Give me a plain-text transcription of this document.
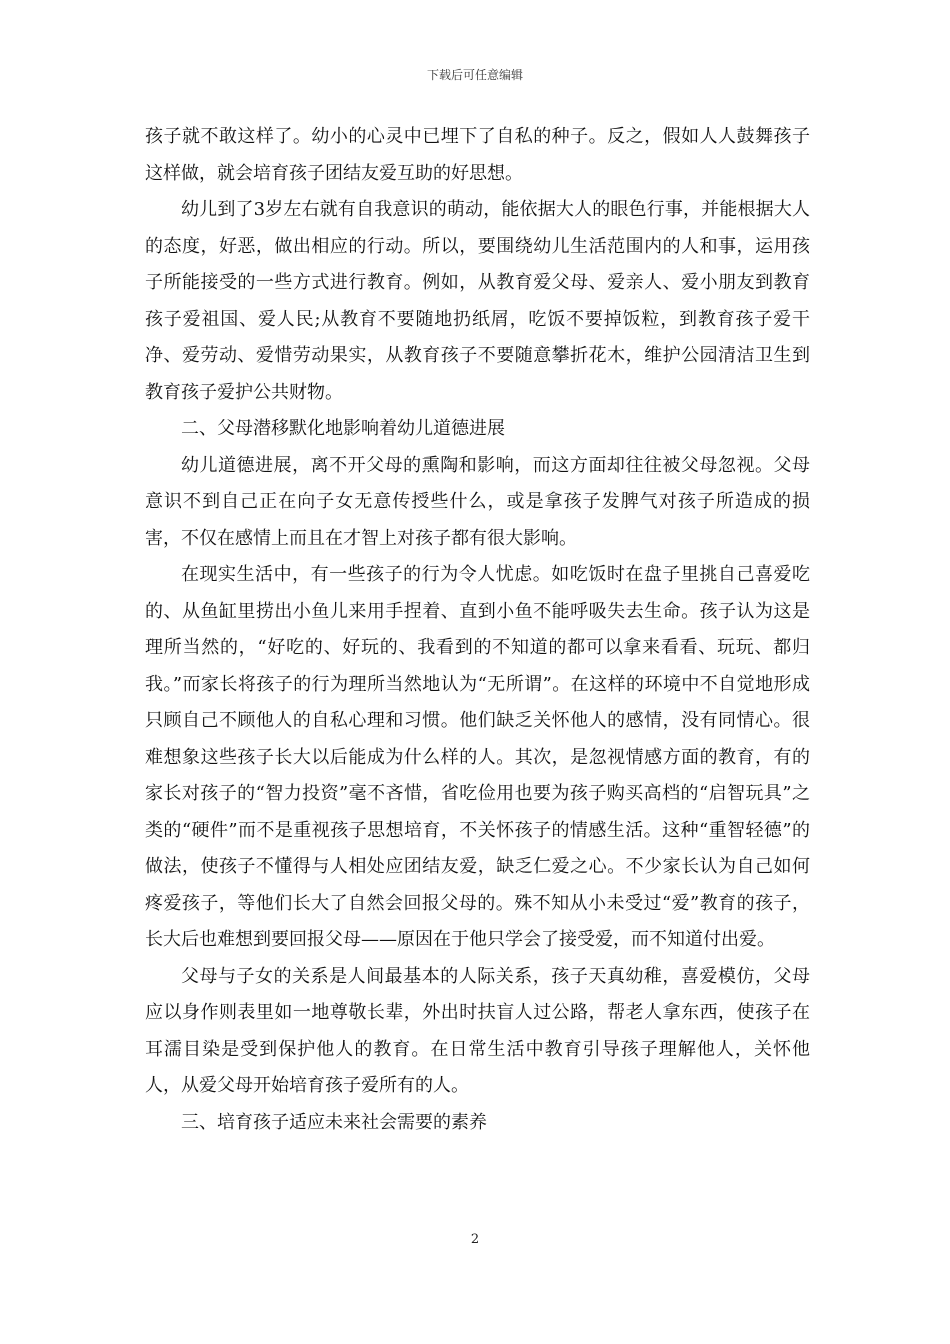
下载后可任意编辑

孩子就不敢这样了。幼小的心灵中已埋下了自私的种子。反之，假如人人鼓舞孩子这样做，就会培育孩子团结友爱互助的好思想。

幼儿到了3岁左右就有自我意识的萌动，能依据大人的眼色行事，并能根据大人的态度，好恶，做出相应的行动。所以，要围绕幼儿生活范围内的人和事，运用孩子所能接受的一些方式进行教育。例如，从教育爱父母、爱亲人、爱小朋友到教育孩子爱祖国、爱人民;从教育不要随地扔纸屑，吃饭不要掉饭粒，到教育孩子爱干净、爱劳动、爱惜劳动果实，从教育孩子不要随意攀折花木，维护公园清洁卫生到教育孩子爱护公共财物。

二、父母潜移默化地影响着幼儿道德进展

幼儿道德进展，离不开父母的熏陶和影响，而这方面却往往被父母忽视。父母意识不到自己正在向子女无意传授些什么，或是拿孩子发脾气对孩子所造成的损害，不仅在感情上而且在才智上对孩子都有很大影响。

在现实生活中，有一些孩子的行为令人忧虑。如吃饭时在盘子里挑自己喜爱吃的、从鱼缸里捞出小鱼儿来用手捏着、直到小鱼不能呼吸失去生命。孩子认为这是理所当然的，“好吃的、好玩的、我看到的不知道的都可以拿来看看、玩玩、都归我。”而家长将孩子的行为理所当然地认为“无所谓”。在这样的环境中不自觉地形成只顾自己不顾他人的自私心理和习惯。他们缺乏关怀他人的感情，没有同情心。很难想象这些孩子长大以后能成为什么样的人。其次，是忽视情感方面的教育，有的家长对孩子的“智力投资”毫不吝惜，省吃俭用也要为孩子购买高档的“启智玩具”之类的“硬件”而不是重视孩子思想培育，不关怀孩子的情感生活。这种“重智轻德”的做法，使孩子不懂得与人相处应团结友爱，缺乏仁爱之心。不少家长认为自己如何疼爱孩子，等他们长大了自然会回报父母的。殊不知从小未受过“爱”教育的孩子，长大后也难想到要回报父母——原因在于他只学会了接受爱，而不知道付出爱。

父母与子女的关系是人间最基本的人际关系，孩子天真幼稚，喜爱模仿，父母应以身作则表里如一地尊敬长辈，外出时扶盲人过公路，帮老人拿东西，使孩子在耳濡目染是受到保护他人的教育。在日常生活中教育引导孩子理解他人，关怀他人，从爱父母开始培育孩子爱所有的人。

三、培育孩子适应未来社会需要的素养

2
